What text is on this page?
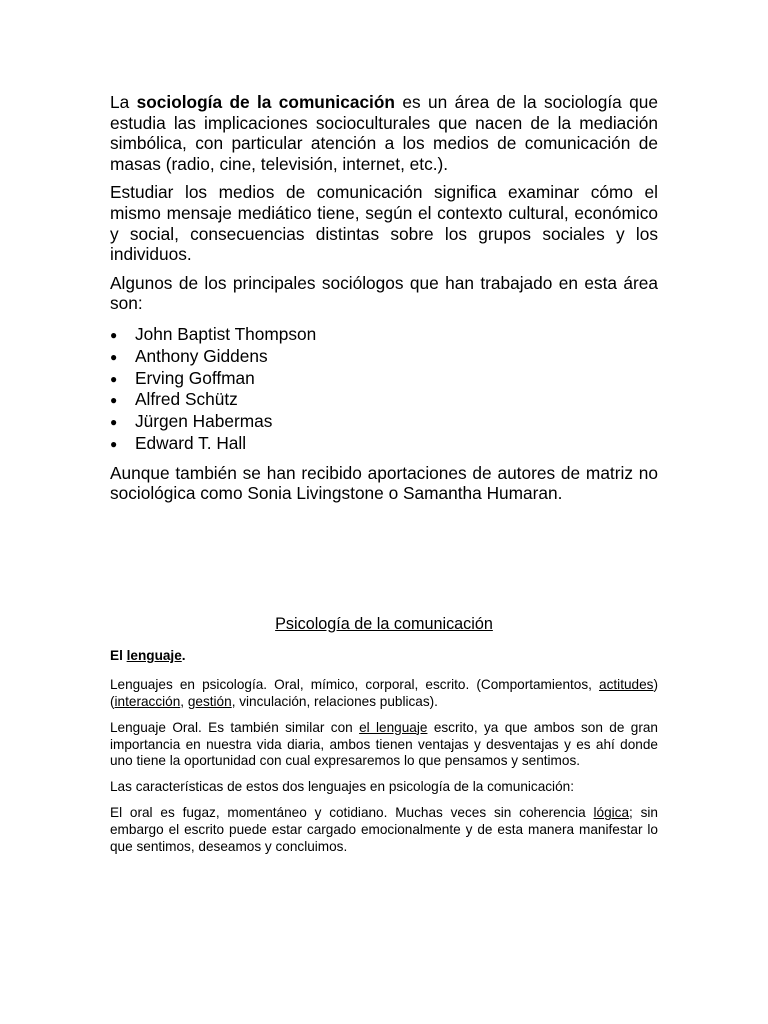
La sociología de la comunicación es un área de la sociología que estudia las implicaciones socioculturales que nacen de la mediación simbólica, con particular atención a los medios de comunicación de masas (radio, cine, televisión, internet, etc.).

Estudiar los medios de comunicación significa examinar cómo el mismo mensaje mediático tiene, según el contexto cultural, económico y social, consecuencias distintas sobre los grupos sociales y los individuos.

Algunos de los principales sociólogos que han trabajado en esta área son:

● John Baptist Thompson
● Anthony Giddens
● Erving Goffman
● Alfred Schütz
● Jürgen Habermas
● Edward T. Hall

Aunque también se han recibido aportaciones de autores de matriz no sociológica como Sonia Livingstone o Samantha Humaran.

Psicología de la comunicación

El lenguaje.

Lenguajes en psicología. Oral, mímico, corporal, escrito. (Comportamientos, actitudes) (interacción, gestión, vinculación, relaciones publicas).

Lenguaje Oral. Es también similar con el lenguaje escrito, ya que ambos son de gran importancia en nuestra vida diaria, ambos tienen ventajas y desventajas y es ahí donde uno tiene la oportunidad con cual expresaremos lo que pensamos y sentimos.

Las características de estos dos lenguajes en psicología de la comunicación:

El oral es fugaz, momentáneo y cotidiano. Muchas veces sin coherencia lógica; sin embargo el escrito puede estar cargado emocionalmente y de esta manera manifestar lo que sentimos, deseamos y concluimos.
